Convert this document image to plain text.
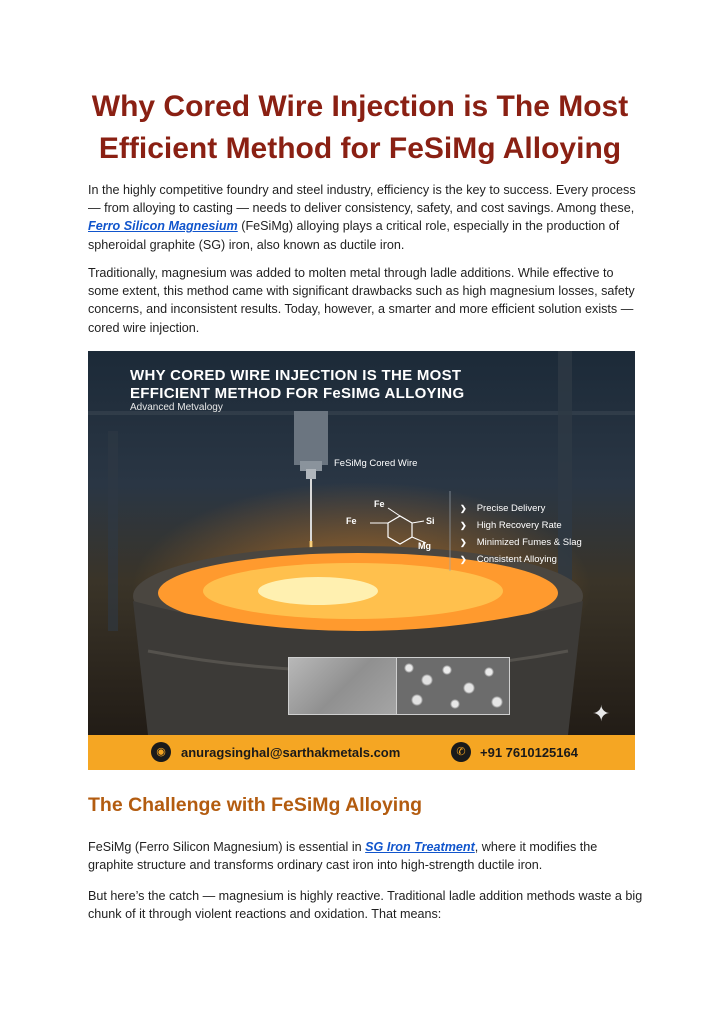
Why Cored Wire Injection is The Most
Efficient Method for FeSiMg Alloying

In the highly competitive foundry and steel industry, efficiency is the key to success. Every process — from alloying to casting — needs to deliver consistency, safety, and cost savings. Among these, Ferro Silicon Magnesium (FeSiMg) alloying plays a critical role, especially in the production of spheroidal graphite (SG) iron, also known as ductile iron.

Traditionally, magnesium was added to molten metal through ladle additions. While effective to some extent, this method came with significant drawbacks such as high magnesium losses, safety concerns, and inconsistent results. Today, however, a smarter and more efficient solution exists — cored wire injection.

WHY CORED WIRE INJECTION IS THE MOST
EFFICIENT METHOD FOR FeSIMG ALLOYING
Advanced Metvalogy
FeSiMg Cored Wire
Fe
Fe	Si
Mg
❯ Precise Delivery
❯ High Recovery Rate
❯ Minimized Fumes & Slag
❯ Consistent Alloying
✦
◉	anuragsinghal@sarthakmetals.com	✆	+91 7610125164
The Challenge with FeSiMg Alloying

FeSiMg (Ferro Silicon Magnesium) is essential in SG Iron Treatment, where it modifies the graphite structure and transforms ordinary cast iron into high-strength ductile iron.

But here’s the catch — magnesium is highly reactive. Traditional ladle addition methods waste a big chunk of it through violent reactions and oxidation. That means:
